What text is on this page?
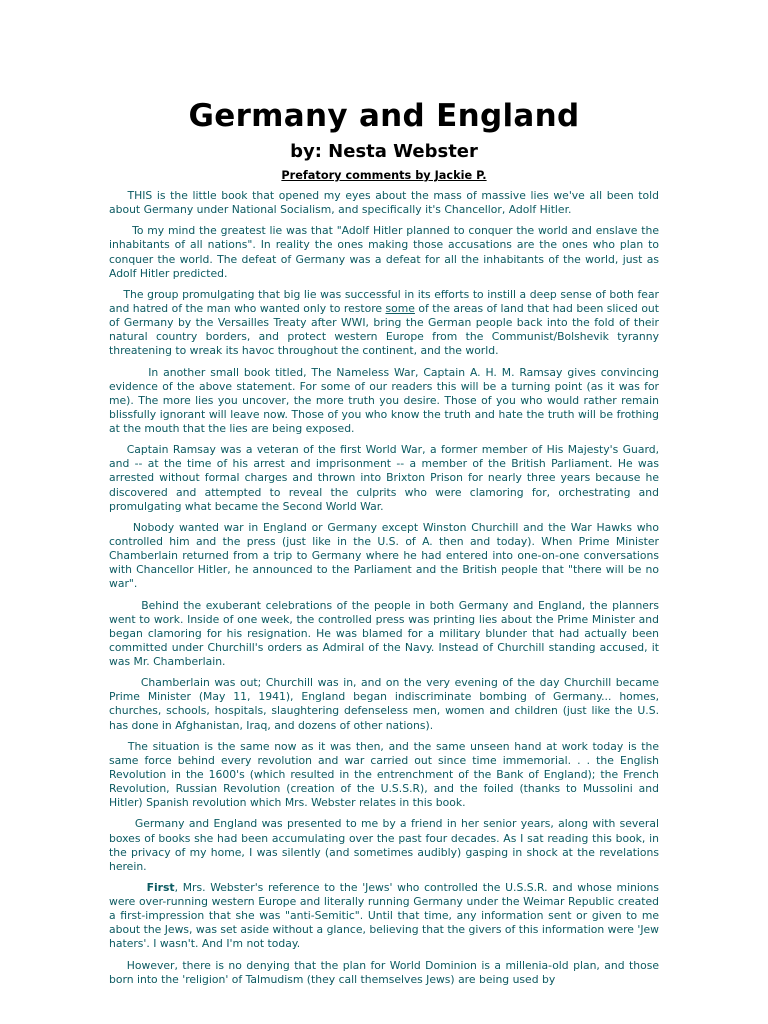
Germany and England
by: Nesta Webster
Prefatory comments by Jackie P.

THIS is the little book that opened my eyes about the mass of massive lies we've all been told about Germany under National Socialism, and specifically it's Chancellor, Adolf Hitler.

To my mind the greatest lie was that "Adolf Hitler planned to conquer the world and enslave the inhabitants of all nations". In reality the ones making those accusations are the ones who plan to conquer the world. The defeat of Germany was a defeat for all the inhabitants of the world, just as Adolf Hitler predicted.

The group promulgating that big lie was successful in its efforts to instill a deep sense of both fear and hatred of the man who wanted only to restore some of the areas of land that had been sliced out of Germany by the Versailles Treaty after WWI, bring the German people back into the fold of their natural country borders, and protect western Europe from the Communist/Bolshevik tyranny threatening to wreak its havoc throughout the continent, and the world.

In another small book titled, The Nameless War, Captain A. H. M. Ramsay gives convincing evidence of the above statement. For some of our readers this will be a turning point (as it was for me). The more lies you uncover, the more truth you desire. Those of you who would rather remain blissfully ignorant will leave now. Those of you who know the truth and hate the truth will be frothing at the mouth that the lies are being exposed.

Captain Ramsay was a veteran of the first World War, a former member of His Majesty's Guard, and -- at the time of his arrest and imprisonment -- a member of the British Parliament. He was arrested without formal charges and thrown into Brixton Prison for nearly three years because he discovered and attempted to reveal the culprits who were clamoring for, orchestrating and promulgating what became the Second World War.

Nobody wanted war in England or Germany except Winston Churchill and the War Hawks who controlled him and the press (just like in the U.S. of A. then and today). When Prime Minister Chamberlain returned from a trip to Germany where he had entered into one-on-one conversations with Chancellor Hitler, he announced to the Parliament and the British people that "there will be no war".

Behind the exuberant celebrations of the people in both Germany and England, the planners went to work. Inside of one week, the controlled press was printing lies about the Prime Minister and began clamoring for his resignation. He was blamed for a military blunder that had actually been committed under Churchill's orders as Admiral of the Navy. Instead of Churchill standing accused, it was Mr. Chamberlain.

Chamberlain was out; Churchill was in, and on the very evening of the day Churchill became Prime Minister (May 11, 1941), England began indiscriminate bombing of Germany... homes, churches, schools, hospitals, slaughtering defenseless men, women and children (just like the U.S. has done in Afghanistan, Iraq, and dozens of other nations).

The situation is the same now as it was then, and the same unseen hand at work today is the same force behind every revolution and war carried out since time immemorial. . . the English Revolution in the 1600's (which resulted in the entrenchment of the Bank of England); the French Revolution, Russian Revolution (creation of the U.S.S.R), and the foiled (thanks to Mussolini and Hitler) Spanish revolution which Mrs. Webster relates in this book.

Germany and England was presented to me by a friend in her senior years, along with several boxes of books she had been accumulating over the past four decades. As I sat reading this book, in the privacy of my home, I was silently (and sometimes audibly) gasping in shock at the revelations herein.

First, Mrs. Webster's reference to the 'Jews' who controlled the U.S.S.R. and whose minions were over-running western Europe and literally running Germany under the Weimar Republic created a first-impression that she was "anti-Semitic". Until that time, any information sent or given to me about the Jews, was set aside without a glance, believing that the givers of this information were 'Jew haters'. I wasn't. And I'm not today.

However, there is no denying that the plan for World Dominion is a millenia-old plan, and those born into the 'religion' of Talmudism (they call themselves Jews) are being used by
